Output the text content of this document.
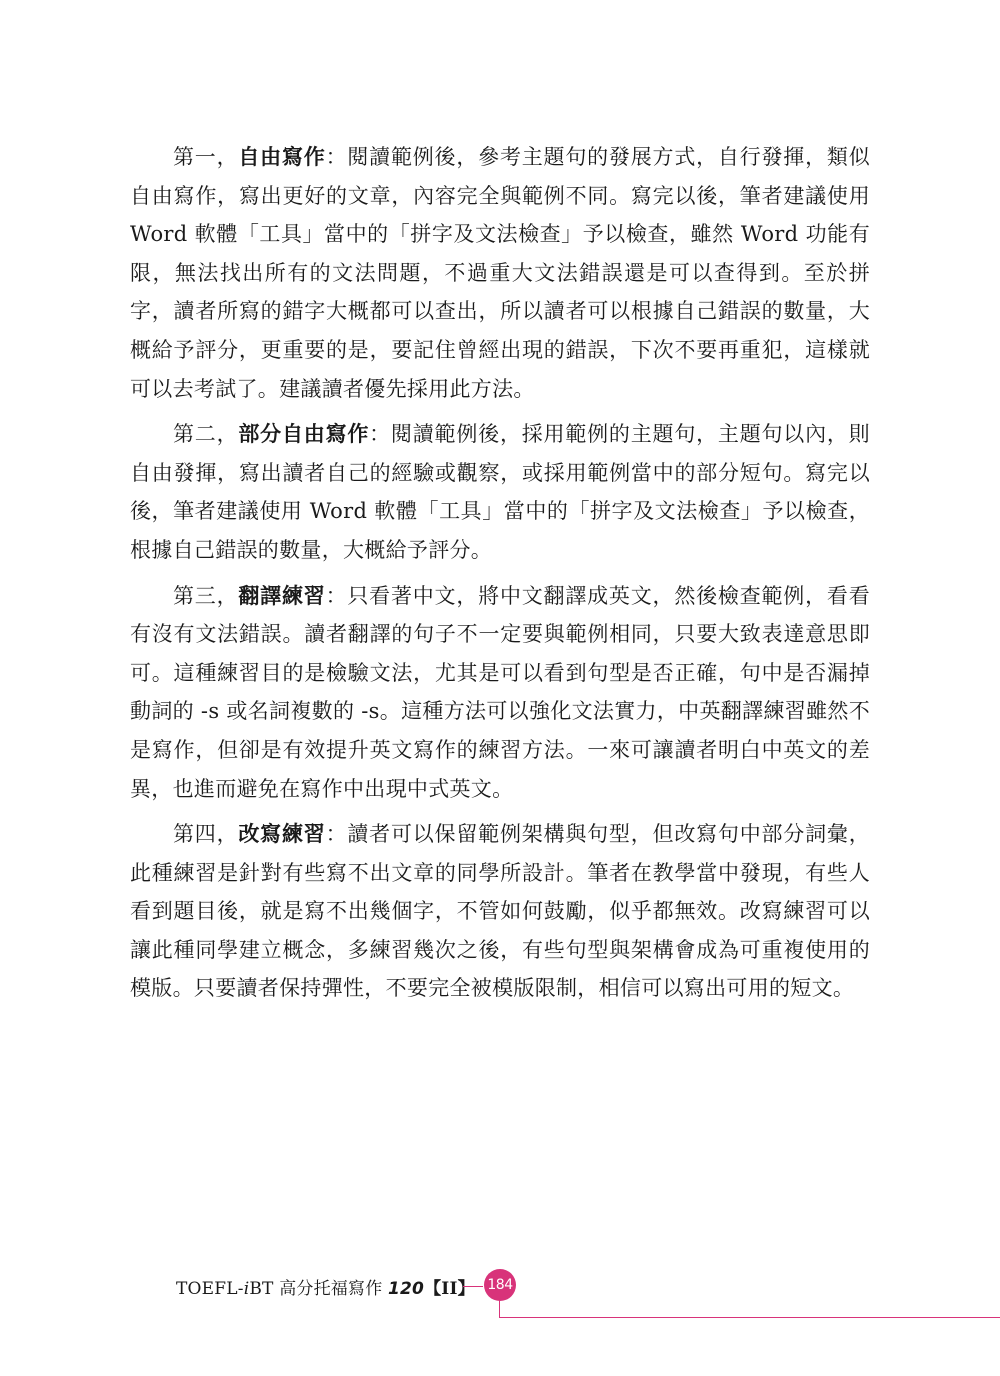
第一，自由寫作：閱讀範例後，參考主題句的發展方式，自行發揮，類似自由寫作，寫出更好的文章，內容完全與範例不同。寫完以後，筆者建議使用 Word 軟體「工具」當中的「拼字及文法檢查」予以檢查，雖然 Word 功能有限，無法找出所有的文法問題，不過重大文法錯誤還是可以查得到。至於拼字，讀者所寫的錯字大概都可以查出，所以讀者可以根據自己錯誤的數量，大概給予評分，更重要的是，要記住曾經出現的錯誤，下次不要再重犯，這樣就可以去考試了。建議讀者優先採用此方法。

第二，部分自由寫作：閱讀範例後，採用範例的主題句，主題句以內，則自由發揮，寫出讀者自己的經驗或觀察，或採用範例當中的部分短句。寫完以後，筆者建議使用 Word 軟體「工具」當中的「拼字及文法檢查」予以檢查，根據自己錯誤的數量，大概給予評分。

第三，翻譯練習：只看著中文，將中文翻譯成英文，然後檢查範例，看看有沒有文法錯誤。讀者翻譯的句子不一定要與範例相同，只要大致表達意思即可。這種練習目的是檢驗文法，尤其是可以看到句型是否正確，句中是否漏掉動詞的 -s 或名詞複數的 -s。這種方法可以強化文法實力，中英翻譯練習雖然不是寫作，但卻是有效提升英文寫作的練習方法。一來可讓讀者明白中英文的差異，也進而避免在寫作中出現中式英文。

第四，改寫練習：讀者可以保留範例架構與句型，但改寫句中部分詞彙，此種練習是針對有些寫不出文章的同學所設計。筆者在教學當中發現，有些人看到題目後，就是寫不出幾個字，不管如何鼓勵，似乎都無效。改寫練習可以讓此種同學建立概念，多練習幾次之後，有些句型與架構會成為可重複使用的模版。只要讀者保持彈性，不要完全被模版限制，相信可以寫出可用的短文。

TOEFL-iBT 高分托福寫作 120【II】 184
